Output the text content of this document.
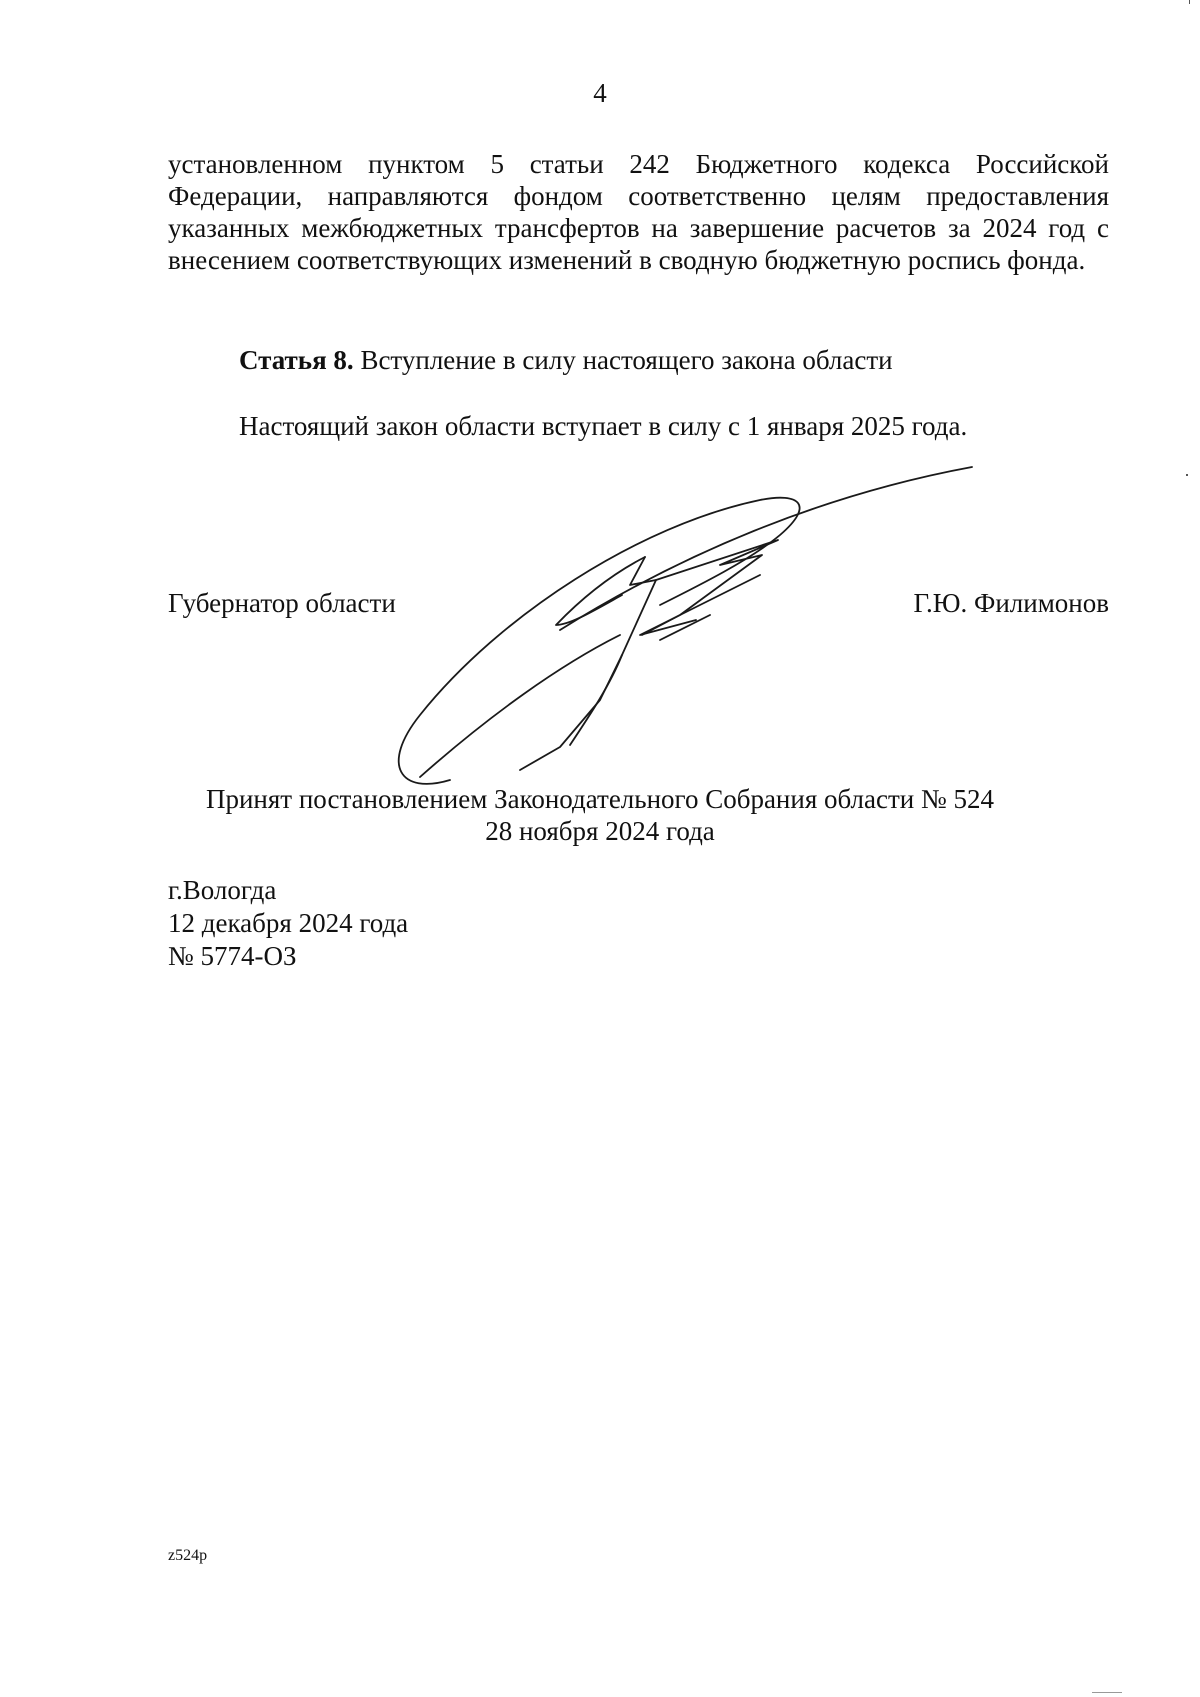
4
установленном пунктом 5 статьи 242 Бюджетного кодекса Российской Федерации, направляются фондом соответственно целям предоставления указанных межбюджетных трансфертов на завершение расчетов за 2024 год с внесением соответствующих изменений в сводную бюджетную роспись фонда.
Статья 8. Вступление в силу настоящего закона области
Настоящий закон области вступает в силу с 1 января 2025 года.
Губернатор области	Г.Ю. Филимонов
Принят постановлением Законодательного Собрания области № 524
28 ноября 2024 года
г.Вологда
12 декабря 2024 года
№ 5774-ОЗ
z524p
